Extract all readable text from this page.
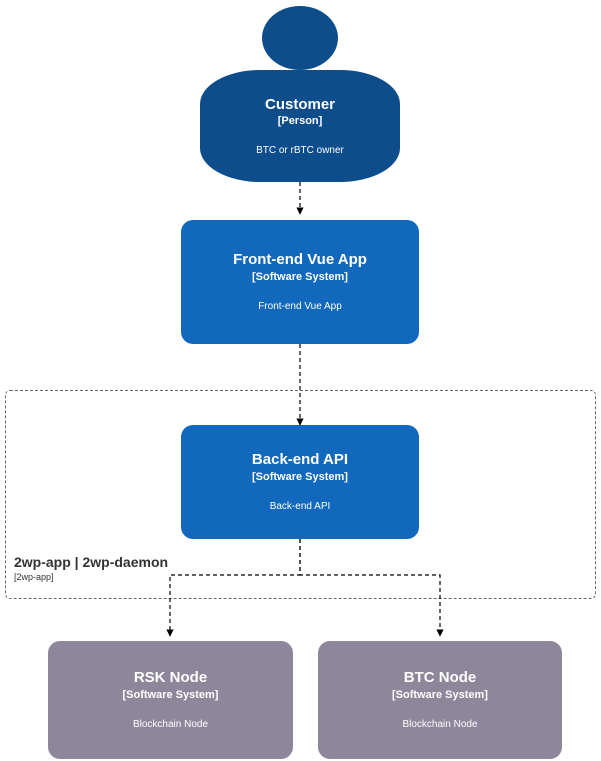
2wp-app | 2wp-daemon
[2wp-app]
Customer
[Person]
BTC or rBTC owner
Front-end Vue App
[Software System]
Front-end Vue App
Back-end API
[Software System]
Back-end API
RSK Node
[Software System]
Blockchain Node
BTC Node
[Software System]
Blockchain Node
